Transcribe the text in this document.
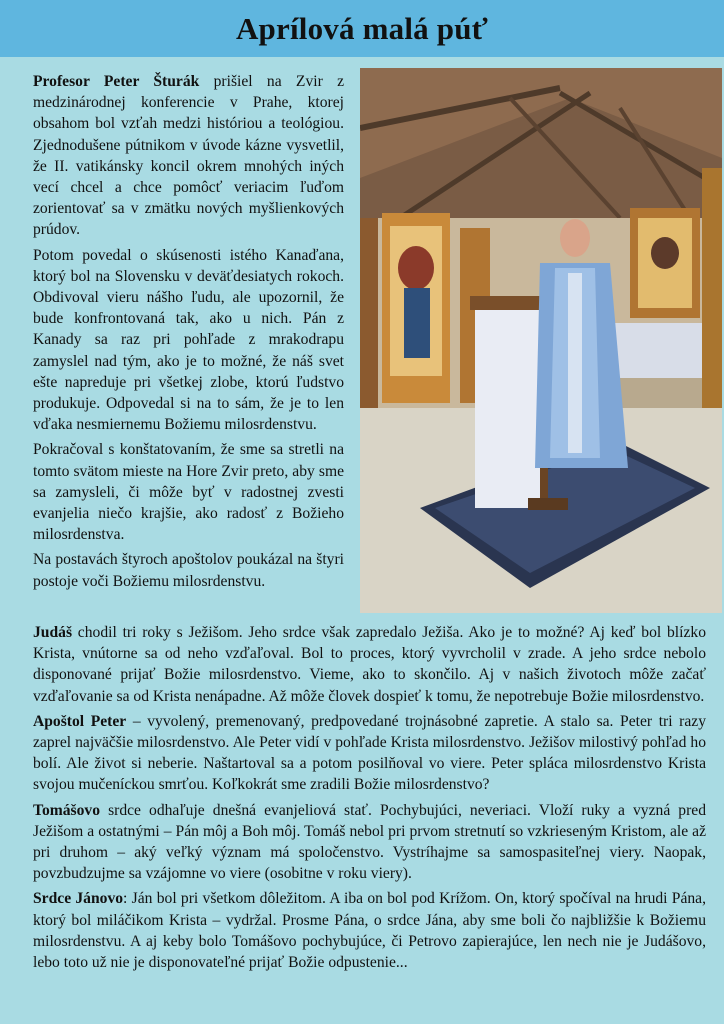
Aprílová malá púť

Profesor Peter Šturák prišiel na Zvir z medzinárodnej konferencie v Prahe, ktorej obsahom bol vzťah medzi históriou a teológiou. Zjednodušene pútnikom v úvode kázne vysvetlil, že II. vatikánsky koncil okrem mnohých iných vecí chcel a chce pomôcť veriacim ľuďom zorientovať sa v zmätku nových myšlienkových prúdov.

Potom povedal o skúsenosti istého Kanaďana, ktorý bol na Slovensku v deväťdesiatych rokoch. Obdivoval vieru nášho ľudu, ale upozornil, že bude konfrontovaná tak, ako u nich. Pán z Kanady sa raz pri pohľade z mrakodrapu zamyslel nad tým, ako je to možné, že náš svet ešte napreduje pri všetkej zlobe, ktorú ľudstvo produkuje. Odpovedal si na to sám, že je to len vďaka nesmiernemu Božiemu milosrdenstvu.

Pokračoval s konštatovaním, že sme sa stretli na tomto svätom mieste na Hore Zvir preto, aby sme sa zamysleli, či môže byť v radostnej zvesti evanjelia niečo krajšie, ako radosť z Božieho milosrdenstva.

Na postavách štyroch apoštolov poukázal na štyri postoje voči Božiemu milosrdenstvu.

Judáš chodil tri roky s Ježišom. Jeho srdce však zapredalo Ježiša. Ako je to možné? Aj keď bol blízko Krista, vnútorne sa od neho vzďaľoval. Bol to proces, ktorý vyvrcholil v zrade. A jeho srdce nebolo disponované prijať Božie milosrdenstvo. Vieme, ako to skončilo. Aj v našich životoch môže začať vzďaľovanie sa od Krista nenápadne. Až môže človek dospieť k tomu, že nepotrebuje Božie milosrdenstvo.

Apoštol Peter – vyvolený, premenovaný, predpovedané trojnásobné zapretie. A stalo sa. Peter tri razy zaprel najväčšie milosrdenstvo. Ale Peter vidí v pohľade Krista milosrdenstvo. Ježišov milostivý pohľad ho bolí. Ale život si neberie. Naštartoval sa a potom posilňoval vo viere. Peter spláca milosrdenstvo Krista svojou mučeníckou smrťou. Koľkokrát sme zradili Božie milosrdenstvo?

Tomášovo srdce odhaľuje dnešná evanjeliová stať. Pochybujúci, neveriaci. Vloží ruky a vyzná pred Ježišom a ostatnými – Pán môj a Boh môj. Tomáš nebol pri prvom stretnutí so vzkrieseným Kristom, ale až pri druhom – aký veľký význam má spoločenstvo. Vystríhajme sa samospasiteľnej viery. Naopak, povzbudzujme sa vzájomne vo viere (osobitne v roku viery).

Srdce Jánovo: Ján bol pri všetkom dôležitom. A iba on bol pod Krížom. On, ktorý spočíval na hrudi Pána, ktorý bol miláčikom Krista – vydržal. Prosme Pána, o srdce Jána, aby sme boli čo najbližšie k Božiemu milosrdenstvu. A aj keby bolo Tomášovo pochybujúce, či Petrovo zapierajúce, len nech nie je Judášovo, lebo toto už nie je disponovateľné prijať Božie odpustenie...
